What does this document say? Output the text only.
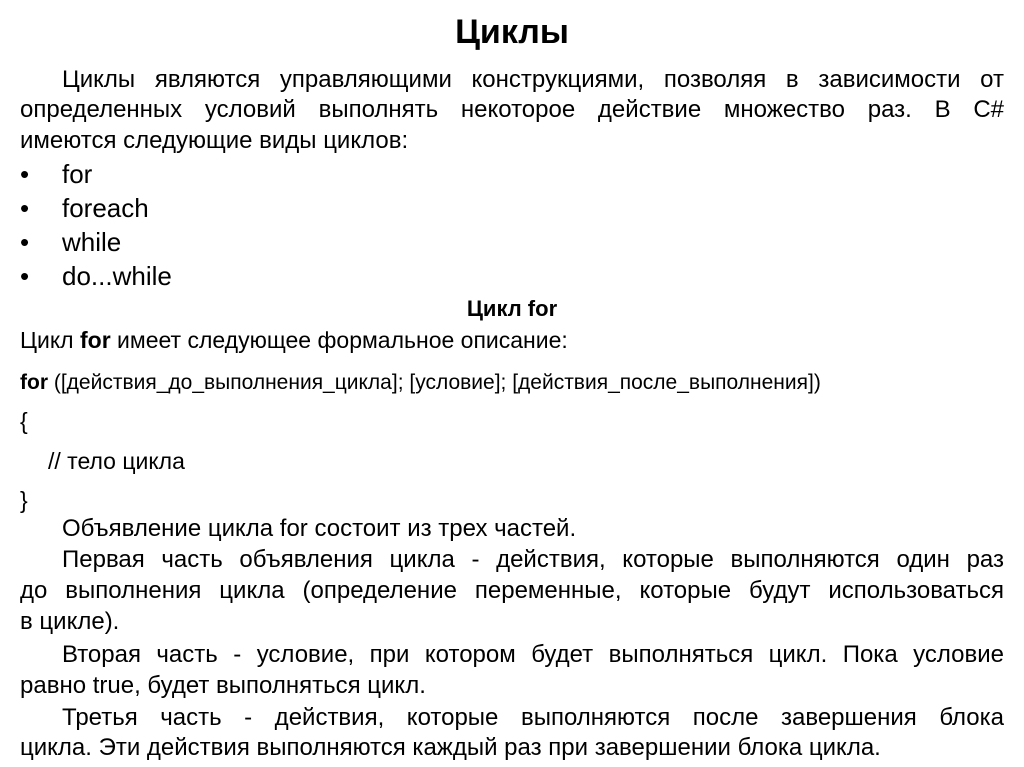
Циклы
Циклы являются управляющими конструкциями, позволяя в зависимости от
определенных условий выполнять некоторое действие множество раз. В C#
имеются следующие виды циклов:
• for
• foreach
• while
• do...while
Цикл for
Цикл for имеет следующее формальное описание:
for ([действия_до_выполнения_цикла]; [условие]; [действия_после_выполнения])
{
// тело цикла
}
Объявление цикла for состоит из трех частей.
Первая часть объявления цикла - действия, которые выполняются один раз
до выполнения цикла (определение переменные, которые будут использоваться
в цикле).
Вторая часть - условие, при котором будет выполняться цикл. Пока условие
равно true, будет выполняться цикл.
Третья часть - действия, которые выполняются после завершения блока
цикла. Эти действия выполняются каждый раз при завершении блока цикла.
